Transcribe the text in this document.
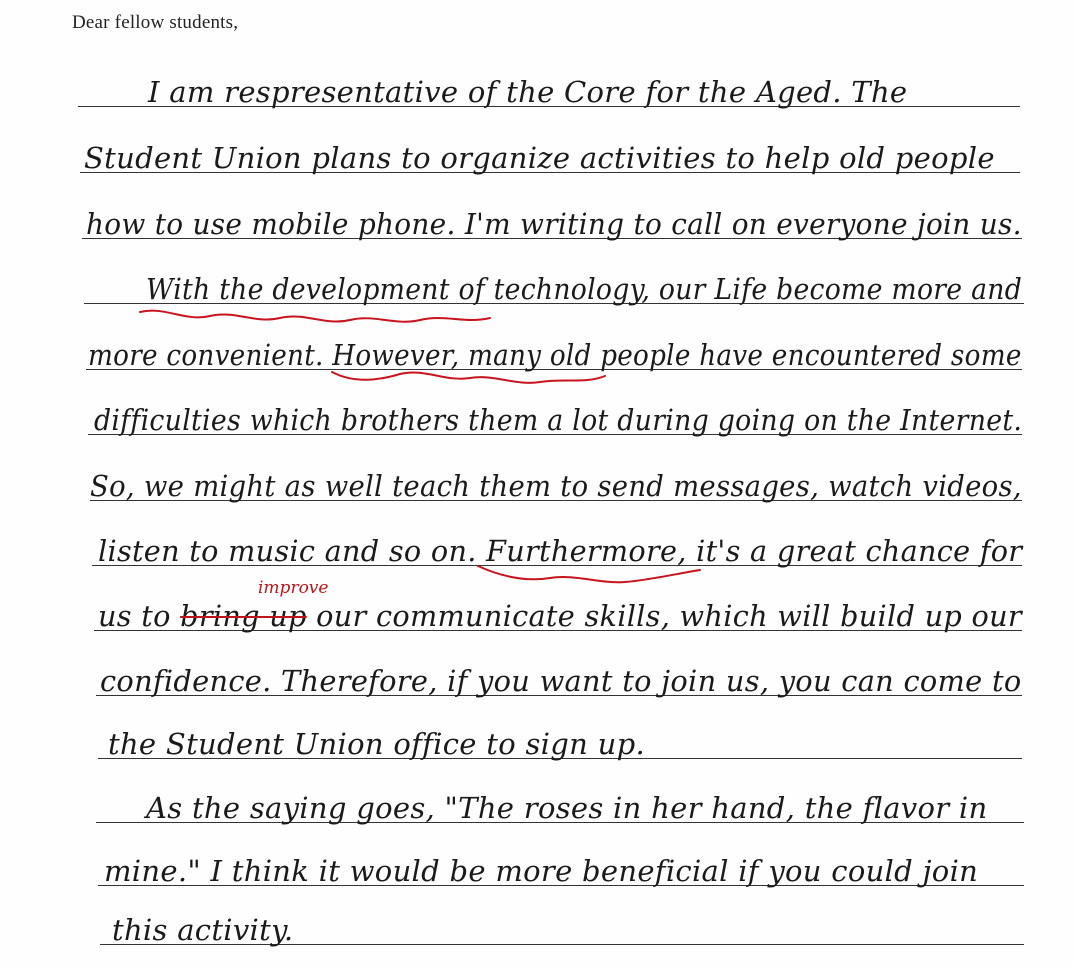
Dear fellow students,
I am respresentative of the Core for the Aged. The
Student Union plans to organize activities to help old people
how to use mobile phone. I'm writing to call on everyone join us.
With the development of technology, our Life become more and
more convenient. However, many old people have encountered some
difficulties which brothers them a lot during going on the Internet.
So, we might as well teach them to send messages, watch videos,
listen to music and so on. Furthermore, it's a great chance for
us to bring up our communicate skills, which will build up our
confidence. Therefore, if you want to join us, you can come to
the Student Union office to sign up.
As the saying goes, "The roses in her hand, the flavor in
mine." I think it would be more beneficial if you could join
this activity.
improve
